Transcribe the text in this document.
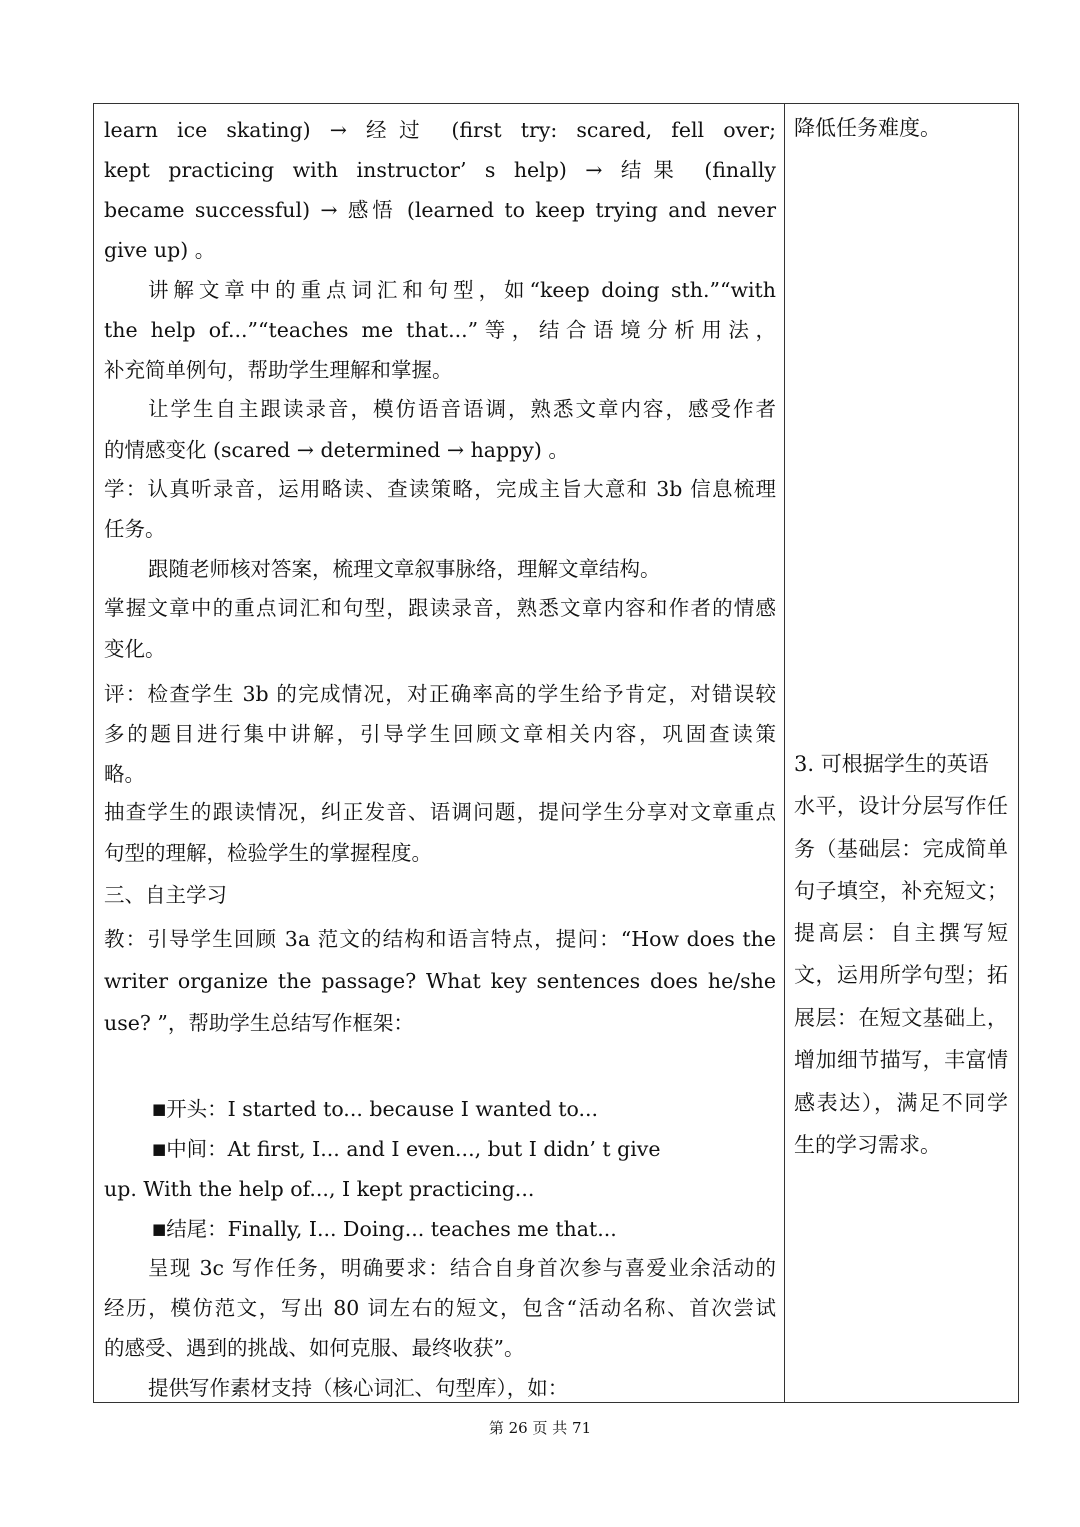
learn ice skating) → 经过 (first try: scared, fell over;
kept practicing with instructor’ s help) → 结果 (finally
became successful) → 感悟 (learned to keep trying and never
give up) 。
讲解文章中的重点词汇和句型，如“keep doing sth.”“with
the help of...”“teaches me that...”等，结合语境分析用法，
补充简单例句，帮助学生理解和掌握。
让学生自主跟读录音，模仿语音语调，熟悉文章内容，感受作者
的情感变化 (scared → determined → happy) 。
学：认真听录音，运用略读、查读策略，完成主旨大意和 3b 信息梳理
任务。
跟随老师核对答案，梳理文章叙事脉络，理解文章结构。
掌握文章中的重点词汇和句型，跟读录音，熟悉文章内容和作者的情感
变化。
评：检查学生 3b 的完成情况，对正确率高的学生给予肯定，对错误较
多的题目进行集中讲解，引导学生回顾文章相关内容，巩固查读策
略。
抽查学生的跟读情况，纠正发音、语调问题，提问学生分享对文章重点
句型的理解，检验学生的掌握程度。
三、自主学习
教：引导学生回顾 3a 范文的结构和语言特点，提问：“How does the
writer organize the passage? What key sentences does he/she
use? ”，帮助学生总结写作框架：
■开头：I started to... because I wanted to...
■中间：At first, I... and I even..., but I didn’ t give
up. With the help of..., I kept practicing...
■结尾：Finally, I... Doing... teaches me that...
呈现 3c 写作任务，明确要求：结合自身首次参与喜爱业余活动的
经历，模仿范文，写出 80 词左右的短文，包含“活动名称、首次尝试
的感受、遇到的挑战、如何克服、最终收获”。
提供写作素材支持（核心词汇、句型库），如：
降低任务难度。
3. 可根据学生的英语
水平，设计分层写作任
务（基础层：完成简单
句子填空，补充短文；
提高层：自主撰写短
文，运用所学句型；拓
展层：在短文基础上，
增加细节描写，丰富情
感表达），满足不同学
生的学习需求。
第 26 页 共 71
